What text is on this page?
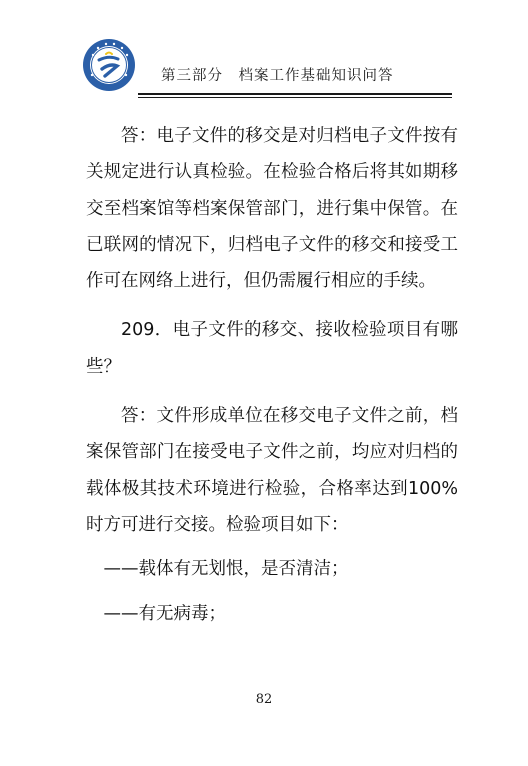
第三部分　档案工作基础知识问答

答：电子文件的移交是对归档电子文件按有关规定进行认真检验。在检验合格后将其如期移交至档案馆等档案保管部门，进行集中保管。在已联网的情况下，归档电子文件的移交和接受工作可在网络上进行，但仍需履行相应的手续。

209．电子文件的移交、接收检验项目有哪些？

答：文件形成单位在移交电子文件之前，档案保管部门在接受电子文件之前，均应对归档的载体极其技术环境进行检验，合格率达到100%时方可进行交接。检验项目如下：

——载体有无划恨，是否清洁；

——有无病毒；

82
